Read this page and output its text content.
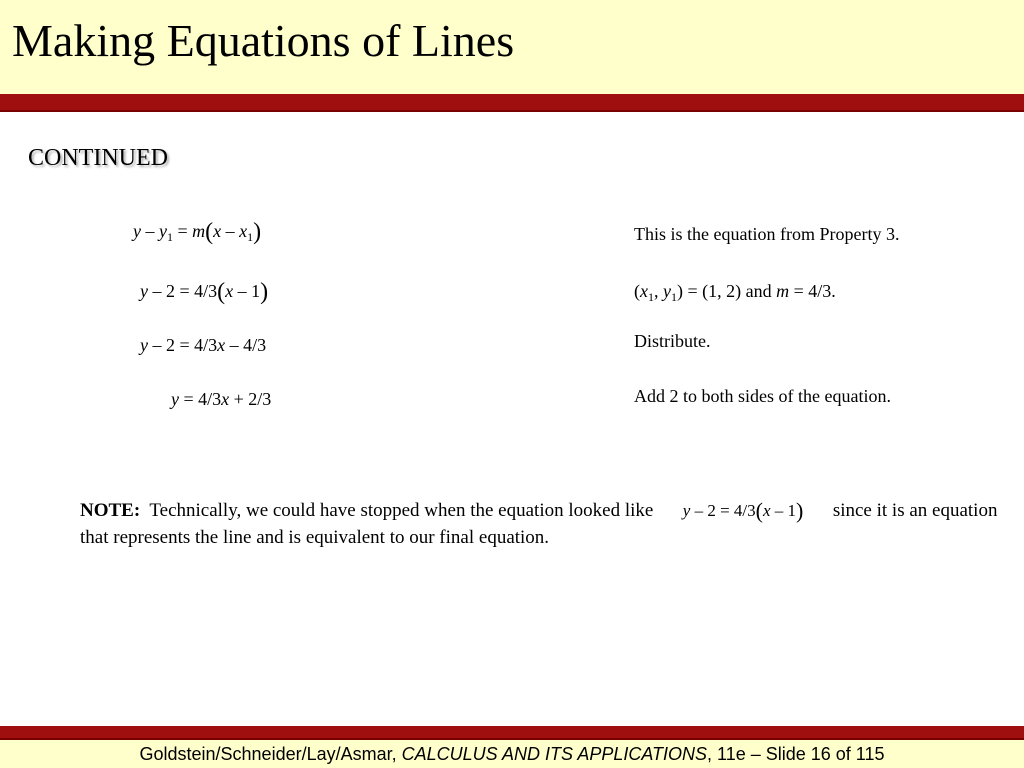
Making Equations of Lines
CONTINUED
$y - y_1 = m(x - x_1)$	This is the equation from Property 3.
y – 2 = 4/3(x – 1)	($x_1$, $y_1) = (1$, 2) and m = 4/3.
y – 2 = 4/3x – 4/3	Distribute.
y = 4/3x + 2/3	Add 2 to both sides of the equation.
NOTE: Technically, we could have stopped when the equation looked like y – 2 = 4/3(x – 1) since it is an equation that represents the line and is equivalent to our final equation.
Goldstein/Schneider/Lay/Asmar, CALCULUS AND ITS APPLICATIONS, 11e – Slide 16 of 115
